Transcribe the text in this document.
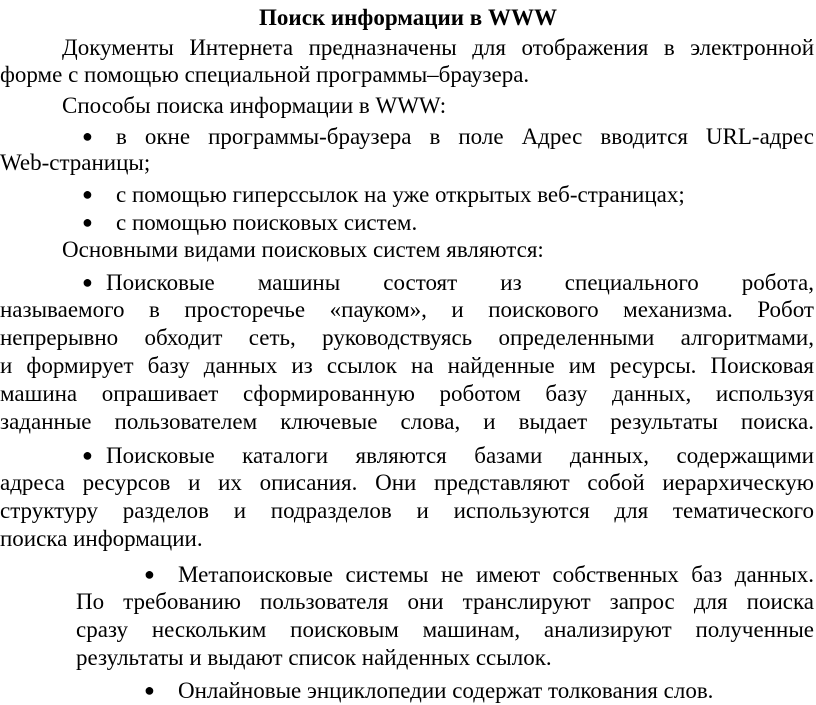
Поиск информации в WWW
Документы Интернета предназначены для отображения в электронной
форме с помощью специальной программы–браузера.
Способы поиска информации в WWW:
● в окне программы-браузера в поле Адрес вводится URL-адрес
Web-страницы;
● с помощью гиперссылок на уже открытых веб-страницах;
● с помощью поисковых систем.
Основными видами поисковых систем являются:
● Поисковые машины состоят из специального робота,
называемого в просторечье «пауком», и поискового механизма. Робот
непрерывно обходит сеть, руководствуясь определенными алгоритмами,
и формирует базу данных из ссылок на найденные им ресурсы. Поисковая
машина опрашивает сформированную роботом базу данных, используя
заданные пользователем ключевые слова, и выдает результаты поиска.
● Поисковые каталоги являются базами данных, содержащими
адреса ресурсов и их описания. Они представляют собой иерархическую
структуру разделов и подразделов и используются для тематического
поиска информации.
● Метапоисковые системы не имеют собственных баз данных.
По требованию пользователя они транслируют запрос для поиска
сразу нескольким поисковым машинам, анализируют полученные
результаты и выдают список найденных ссылок.
● Онлайновые энциклопедии содержат толкования слов.
